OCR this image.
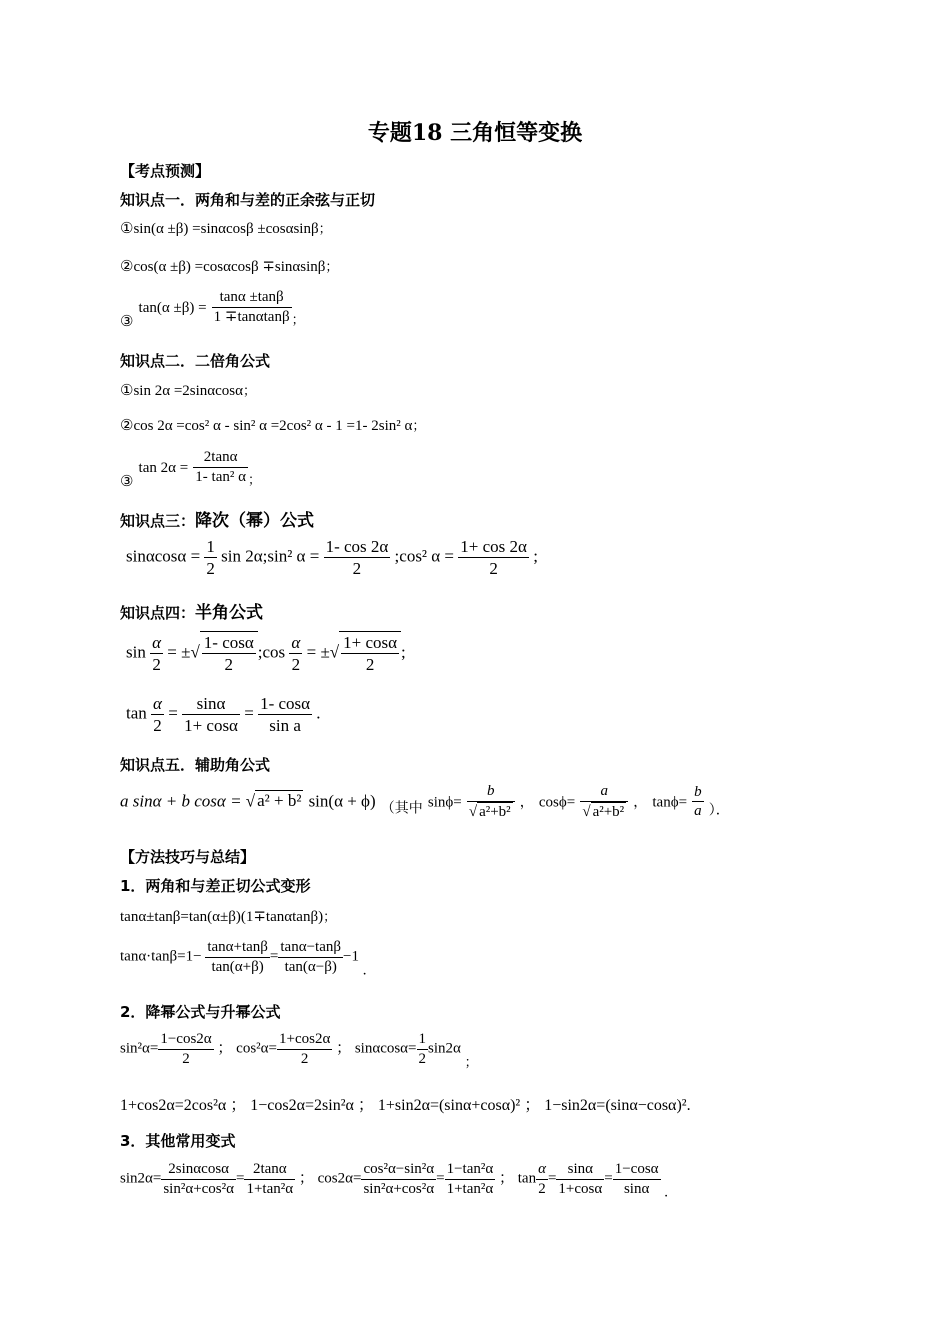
专题18 三角恒等变换
【考点预测】
知识点一．两角和与差的正余弦与正切
①sin(α ±β) =sinαcosβ ±cosαsinβ；
②cos(α ±β) =cosαcosβ ∓sinαsinβ；
③ $\tan(\alpha \pm\beta) = \frac{\tan\alpha \pm\tan\beta}{1 \mp\tan\alpha\tan\beta} _;$
知识点二．二倍角公式
①sin 2α =2sinαcosα；
②cos 2α =cos² α - sin² α =2cos² α - 1 =1- 2sin² α；
③ $\tan 2\alpha = \frac{2\tan\alpha}{\text{1- tan² α}} _;$
知识点三：降次（幂）公式
$\sin\alpha\cos\alpha = \frac{1}{2}$ sin 2α;sin² $\alpha = \frac{1- \cos 2\alpha}{2}$ ;cos² $\alpha = \frac{1+ \cos 2\alpha}{2}$ ;
知识点四：半角公式
$\sin \frac{\alpha}{2}$ = ±√ $\frac{1- \cos\alpha}{2}$ ;cos $\frac{\alpha}{2}$ = ±√ $\frac{1+ \cos\alpha}{2}$ ;
$\tan \frac{\alpha}{2} = \frac{\sin\alpha}{1+ \cos\alpha} = \frac{1- \cos\alpha}{\text{sin a}}$ .
知识点五．辅助角公式
a sinα + b cosα = √ a² + b² sin(α + ϕ) （其中 $\sin\phi= \frac{b}{\text{√ a²+b²}}$ ， $\cos\phi= \frac{a}{\text{√ a²+b²}}$ ， $\tan\phi= \frac{b}{a}$ ）．
【方法技巧与总结】
1．两角和与差正切公式变形
tanα±tanβ=tan(α±β)(1∓tanαtanβ)；
$\tan\alpha\cdot\tan\beta=1- \frac{\tan\alpha+\tan\beta}{\tan(\alpha+\beta)} = \frac{\tan\alpha-\tan\beta}{\tan(\alpha-\beta)} -1$ .
2．降幂公式与升幂公式
$\sin^2\alpha= \frac{1-\cos 2\alpha}{2}$ ； $\cos^2\alpha= \frac{1+\cos 2\alpha}{2}$ ； $\sin\alpha\cos\alpha= \frac{1}{2} \sin 2\alpha$ ；
1+cos2α=2cos²α ； 1−cos2α=2sin²α ； 1+sin2α=(sinα+cosα)² ； 1−sin2α=(sinα−cosα)².
3．其他常用变式
$\sin 2\alpha= \frac{2\sin\alpha\cos\alpha}{\text{sin²α+cos²α}} = \frac{2\tan\alpha}{\text{1+tan²α}}$ ； $\cos 2\alpha= \frac{\text{cos²α−sin²α}}{\text{sin²α+cos²α}} = \frac{\text{1−tan²α}}{\text{1+tan²α}}$ ； $\tan \frac{\alpha}{2} = \frac{\sin\alpha}{1+\cos\alpha} = \frac{1-\cos\alpha}{\sin\alpha}$ .
